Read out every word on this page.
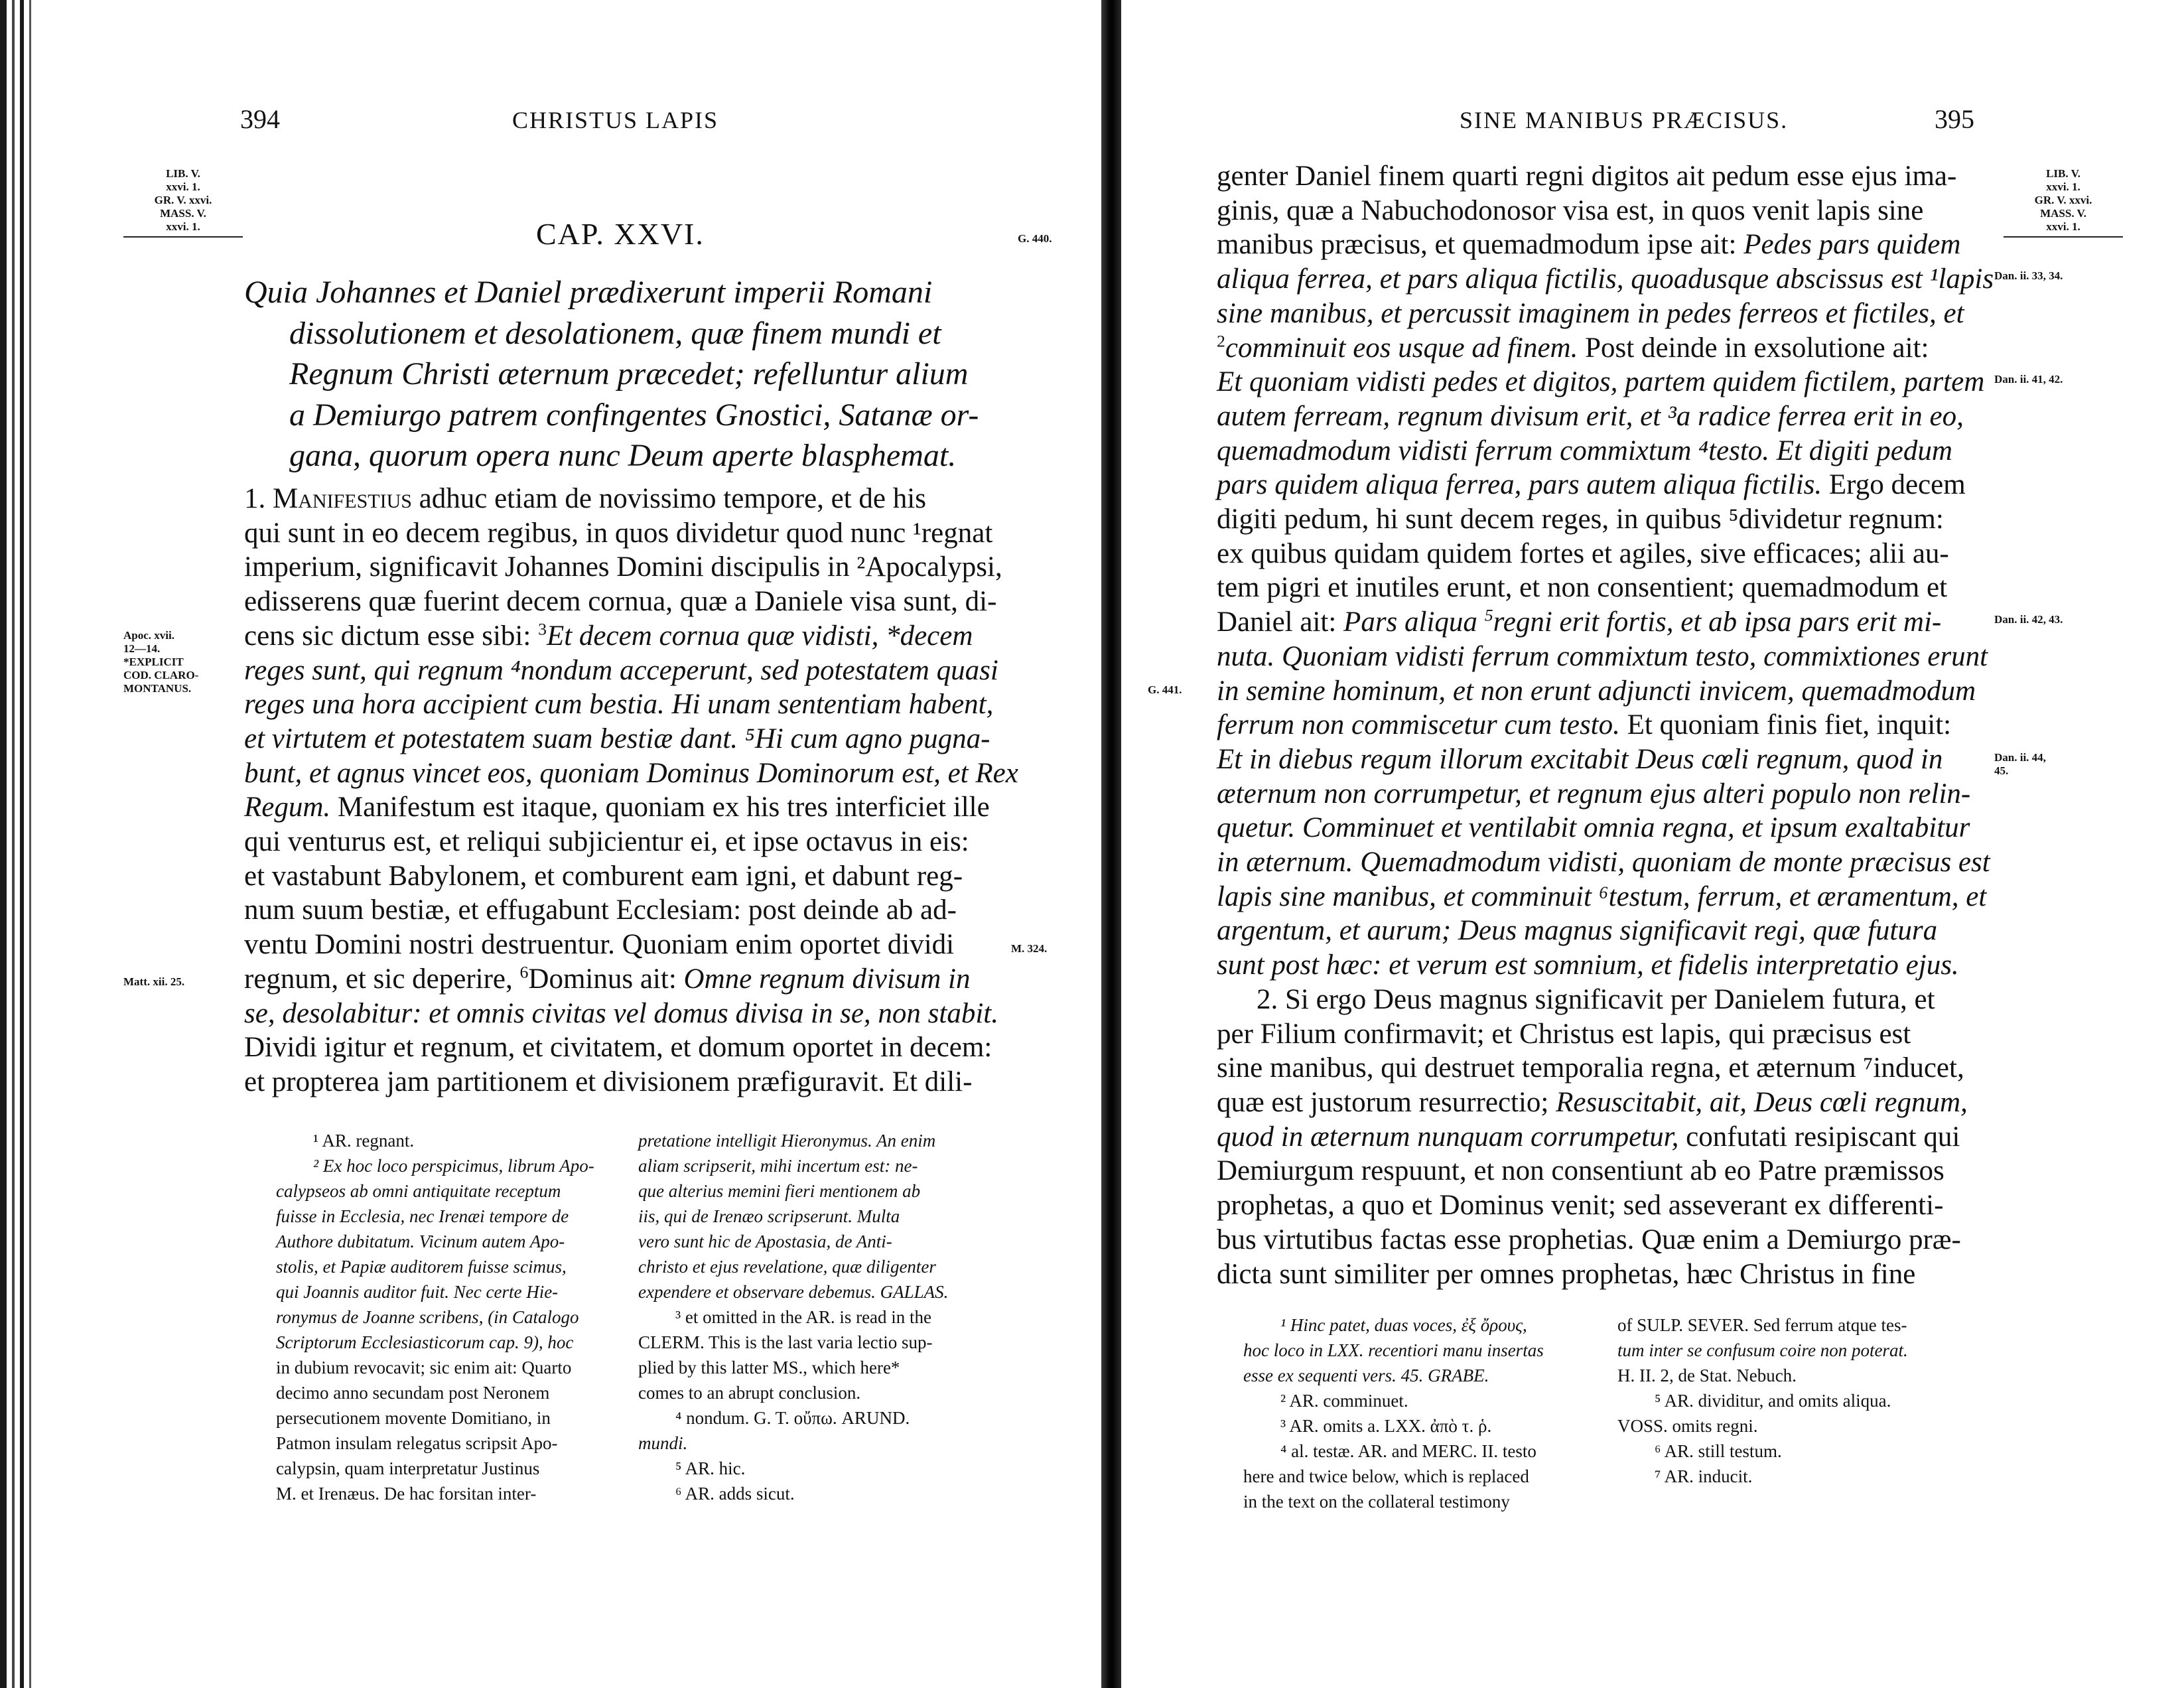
394	CHRISTUS LAPIS
LIB. V.
xxvi. 1.
GR. V. xxvi.
MASS. V.
xxvi. 1.	CAP. XXVI.	G. 440.
Quia Johannes et Daniel prædixerunt imperii Romani
dissolutionem et desolationem, quæ finem mundi et
Regnum Christi æternum præcedet; refelluntur alium
a Demiurgo patrem confingentes Gnostici, Satanæ or-
gana, quorum opera nunc Deum aperte blasphemat.
Apoc. xvii.
12—14.
*EXPLICIT
COD. CLARO-
MONTANUS.
M. 324.
Matt. xii. 25.
1. Manifestius adhuc etiam de novissimo tempore, et de his
qui sunt in eo decem regibus, in quos dividetur quod nunc ¹regnat
imperium, significavit Johannes Domini discipulis in ²Apocalypsi,
edisserens quæ fuerint decem cornua, quæ a Daniele visa sunt, di-
cens sic dictum esse sibi: $^3$Et decem cornua quæ vidisti, *decem
reges sunt, qui regnum ⁴nondum acceperunt, sed potestatem quasi
reges una hora accipient cum bestia. Hi unam sententiam habent,
et virtutem et potestatem suam bestiæ dant. ⁵Hi cum agno pugna-
bunt, et agnus vincet eos, quoniam Dominus Dominorum est, et Rex
Regum. Manifestum est itaque, quoniam ex his tres interficiet ille
qui venturus est, et reliqui subjicientur ei, et ipse octavus in eis:
et vastabunt Babylonem, et comburent eam igni, et dabunt reg-
num suum bestiæ, et effugabunt Ecclesiam: post deinde ab ad-
ventu Domini nostri destruentur. Quoniam enim oportet dividi
regnum, et sic deperire, $^6$Dominus ait: Omne regnum divisum in
se, desolabitur: et omnis civitas vel domus divisa in se, non stabit.
Dividi igitur et regnum, et civitatem, et domum oportet in decem:
et propterea jam partitionem et divisionem præfiguravit. Et dili-
¹ AR. regnant.
² Ex hoc loco perspicimus, librum Apo-
calypseos ab omni antiquitate receptum
fuisse in Ecclesia, nec Irenæi tempore de
Authore dubitatum. Vicinum autem Apo-
stolis, et Papiæ auditorem fuisse scimus,
qui Joannis auditor fuit. Nec certe Hie-
ronymus de Joanne scribens, (in Catalogo
Scriptorum Ecclesiasticorum cap. 9), hoc
in dubium revocavit; sic enim ait: Quarto
decimo anno secundam post Neronem
persecutionem movente Domitiano, in
Patmon insulam relegatus scripsit Apo-
calypsin, quam interpretatur Justinus
M. et Irenæus. De hac forsitan inter-
pretatione intelligit Hieronymus. An enim
aliam scripserit, mihi incertum est: ne-
que alterius memini fieri mentionem ab
iis, qui de Irenæo scripserunt. Multa
vero sunt hic de Apostasia, de Anti-
christo et ejus revelatione, quæ diligenter
expendere et observare debemus. GALLAS.
³ et omitted in the AR. is read in the
CLERM. This is the last varia lectio sup-
plied by this latter MS., which here*
comes to an abrupt conclusion.
⁴ nondum. G. T. οὔπω. ARUND.
mundi.
⁵ AR. hic.
⁶ AR. adds sicut.
SINE MANIBUS PRÆCISUS.	395
LIB. V.
xxvi. 1.
GR. V. xxvi.
MASS. V.
xxvi. 1.
Dan. ii. 33, 34.
Dan. ii. 41, 42.
Dan. ii. 42, 43.
G. 441.
Dan. ii. 44,
45.
genter Daniel finem quarti regni digitos ait pedum esse ejus ima-
ginis, quæ a Nabuchodonosor visa est, in quos venit lapis sine
manibus præcisus, et quemadmodum ipse ait: Pedes pars quidem
aliqua ferrea, et pars aliqua fictilis, quoadusque abscissus est ¹lapis
sine manibus, et percussit imaginem in pedes ferreos et fictiles, et
$^2$comminuit eos usque ad finem. Post deinde in exsolutione ait:
Et quoniam vidisti pedes et digitos, partem quidem fictilem, partem
autem ferream, regnum divisum erit, et ³a radice ferrea erit in eo,
quemadmodum vidisti ferrum commixtum ⁴testo. Et digiti pedum
pars quidem aliqua ferrea, pars autem aliqua fictilis. Ergo decem
digiti pedum, hi sunt decem reges, in quibus ⁵dividetur regnum:
ex quibus quidam quidem fortes et agiles, sive efficaces; alii au-
tem pigri et inutiles erunt, et non consentient; quemadmodum et
Daniel ait: Pars aliqua $^5$regni erit fortis, et ab ipsa pars erit mi-
nuta. Quoniam vidisti ferrum commixtum testo, commixtiones erunt
in semine hominum, et non erunt adjuncti invicem, quemadmodum
ferrum non commiscetur cum testo. Et quoniam finis fiet, inquit:
Et in diebus regum illorum excitabit Deus cœli regnum, quod in
æternum non corrumpetur, et regnum ejus alteri populo non relin-
quetur. Comminuet et ventilabit omnia regna, et ipsum exaltabitur
in æternum. Quemadmodum vidisti, quoniam de monte præcisus est
lapis sine manibus, et comminuit ⁶testum, ferrum, et æramentum, et
argentum, et aurum; Deus magnus significavit regi, quæ futura
sunt post hæc: et verum est somnium, et fidelis interpretatio ejus.
2. Si ergo Deus magnus significavit per Danielem futura, et
per Filium confirmavit; et Christus est lapis, qui præcisus est
sine manibus, qui destruet temporalia regna, et æternum ⁷inducet,
quæ est justorum resurrectio; Resuscitabit, ait, Deus cœli regnum,
quod in æternum nunquam corrumpetur, confutati resipiscant qui
Demiurgum respuunt, et non consentiunt ab eo Patre præmissos
prophetas, a quo et Dominus venit; sed asseverant ex differenti-
bus virtutibus factas esse prophetias. Quæ enim a Demiurgo præ-
dicta sunt similiter per omnes prophetas, hæc Christus in fine
¹ Hinc patet, duas voces, ἐξ ὄρους,
hoc loco in LXX. recentiori manu insertas
esse ex sequenti vers. 45. GRABE.
² AR. comminuet.
³ AR. omits a. LXX. ἀπὸ τ. ῥ.
⁴ al. testæ. AR. and MERC. II. testo
here and twice below, which is replaced
in the text on the collateral testimony
of SULP. SEVER. Sed ferrum atque tes-
tum inter se confusum coire non poterat.
H. II. 2, de Stat. Nebuch.
⁵ AR. dividitur, and omits aliqua.
VOSS. omits regni.
⁶ AR. still testum.
⁷ AR. inducit.
